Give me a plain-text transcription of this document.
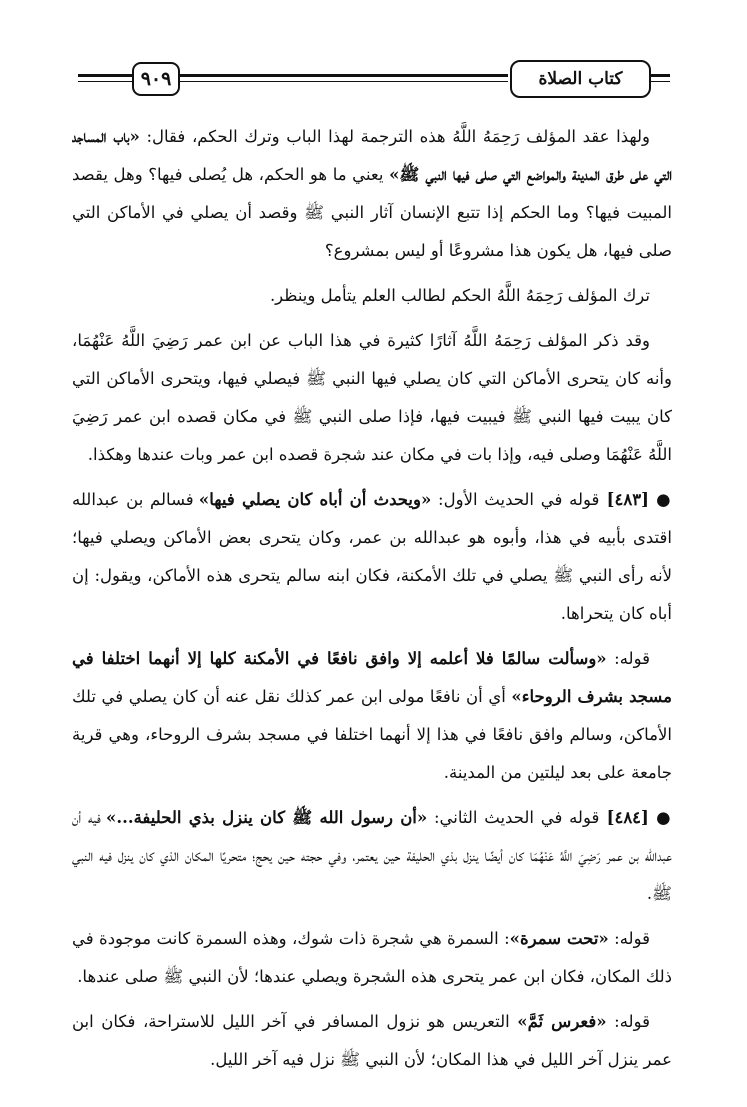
٩٠٩	كتاب الصلاة

ولهذا عقد المؤلف رَحِمَهُ اللَّهُ هذه الترجمة لهذا الباب وترك الحكم، فقال: «باب المساجد التي على طرق المدينة والمواضع التي صلى فيها النبي ﷺ» يعني ما هو الحكم، هل يُصلى فيها؟ وهل يقصد المبيت فيها؟ وما الحكم إذا تتبع الإنسان آثار النبي ﷺ وقصد أن يصلي في الأماكن التي صلى فيها، هل يكون هذا مشروعًا أو ليس بمشروع؟

ترك المؤلف رَحِمَهُ اللَّهُ الحكم لطالب العلم يتأمل وينظر.

وقد ذكر المؤلف رَحِمَهُ اللَّهُ آثارًا كثيرة في هذا الباب عن ابن عمر رَضِيَ اللَّهُ عَنْهُمَا، وأنه كان يتحرى الأماكن التي كان يصلي فيها النبي ﷺ فيصلي فيها، ويتحرى الأماكن التي كان يبيت فيها النبي ﷺ فيبيت فيها، فإذا صلى النبي ﷺ في مكان قصده ابن عمر رَضِيَ اللَّهُ عَنْهُمَا وصلى فيه، وإذا بات في مكان عند شجرة قصده ابن عمر وبات عندها وهكذا.

● [٤٨٣] قوله في الحديث الأول: «ويحدث أن أباه كان يصلي فيها» فسالم بن عبدالله اقتدى بأبيه في هذا، وأبوه هو عبدالله بن عمر، وكان يتحرى بعض الأماكن ويصلي فيها؛ لأنه رأى النبي ﷺ يصلي في تلك الأمكنة، فكان ابنه سالم يتحرى هذه الأماكن، ويقول: إن أباه كان يتحراها.

قوله: «وسألت سالمًا فلا أعلمه إلا وافق نافعًا في الأمكنة كلها إلا أنهما اختلفا في مسجد بشرف الروحاء» أي أن نافعًا مولى ابن عمر كذلك نقل عنه أن كان يصلي في تلك الأماكن، وسالم وافق نافعًا في هذا إلا أنهما اختلفا في مسجد بشرف الروحاء، وهي قرية جامعة على بعد ليلتين من المدينة.

● [٤٨٤] قوله في الحديث الثاني: «أن رسول الله ﷺ كان ينزل بذي الحليفة...» فيه أن عبدالله بن عمر رَضِيَ اللَّهُ عَنْهُمَا كان أيضًا ينزل بذي الحليفة حين يعتمر، وفي حجته حين يحج؛ متحريًا المكان الذي كان ينزل فيه النبي ﷺ.

قوله: «تحت سمرة»: السمرة هي شجرة ذات شوك، وهذه السمرة كانت موجودة في ذلك المكان، فكان ابن عمر يتحرى هذه الشجرة ويصلي عندها؛ لأن النبي ﷺ صلى عندها.

قوله: «فعرس ثَمَّ» التعريس هو نزول المسافر في آخر الليل للاستراحة، فكان ابن عمر ينزل آخر الليل في هذا المكان؛ لأن النبي ﷺ نزل فيه آخر الليل.
